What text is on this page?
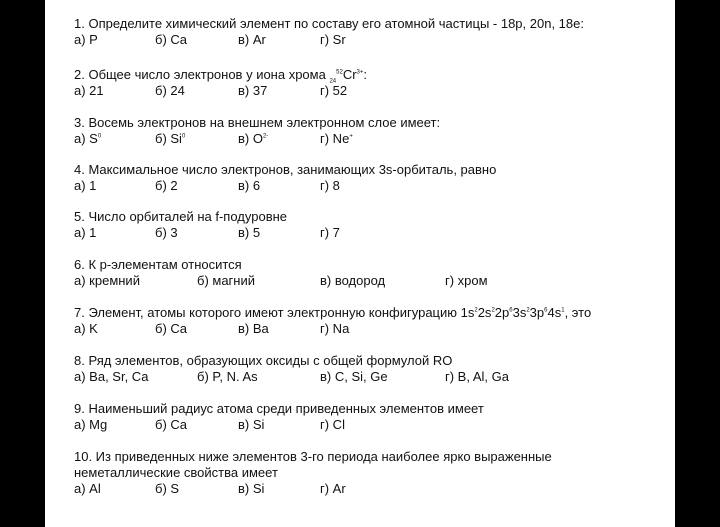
1. Определите химический элемент по составу его атомной частицы - 18p, 20n, 18e:
а) P	б) Ca	в) Ar	г) Sr
2. Общее число электронов у иона хрома $_{24}^{52}Cr^{3+}$:
а) 21	б) 24	в) 37	г) 52
3. Восемь электронов на внешнем электронном слое имеет:
а) $S^0$	б) Si$^0$	в) $O^{2-}$	г) Ne+
4. Максимальное число электронов, занимающих 3s-орбиталь, равно
а) 1	б) 2	в) 6	г) 8
5. Число орбиталей на f-подуровне
а) 1	б) 3	в) 5	г) 7
6. К р-элементам относится
а) кремний	б) магний	в) водород	г) хром
7. Элемент, атомы которого имеют электронную конфигурацию $1s^22s^22p^63s^23p^64s^1$, это
а) K	б) Ca	в) Ba	г) Na
8. Ряд элементов, образующих оксиды с общей формулой RO
а) Ba, Sr, Ca	б) P, N. As	в) C, Si, Ge	г) B, Al, Ga
9. Наименьший радиус атома среди приведенных элементов имеет
а) Mg	б) Ca	в) Si	г) Cl
10. Из приведенных ниже элементов 3-го периода наиболее ярко выраженные
неметаллические свойства имеет
а) Al	б) S	в) Si	г) Ar
